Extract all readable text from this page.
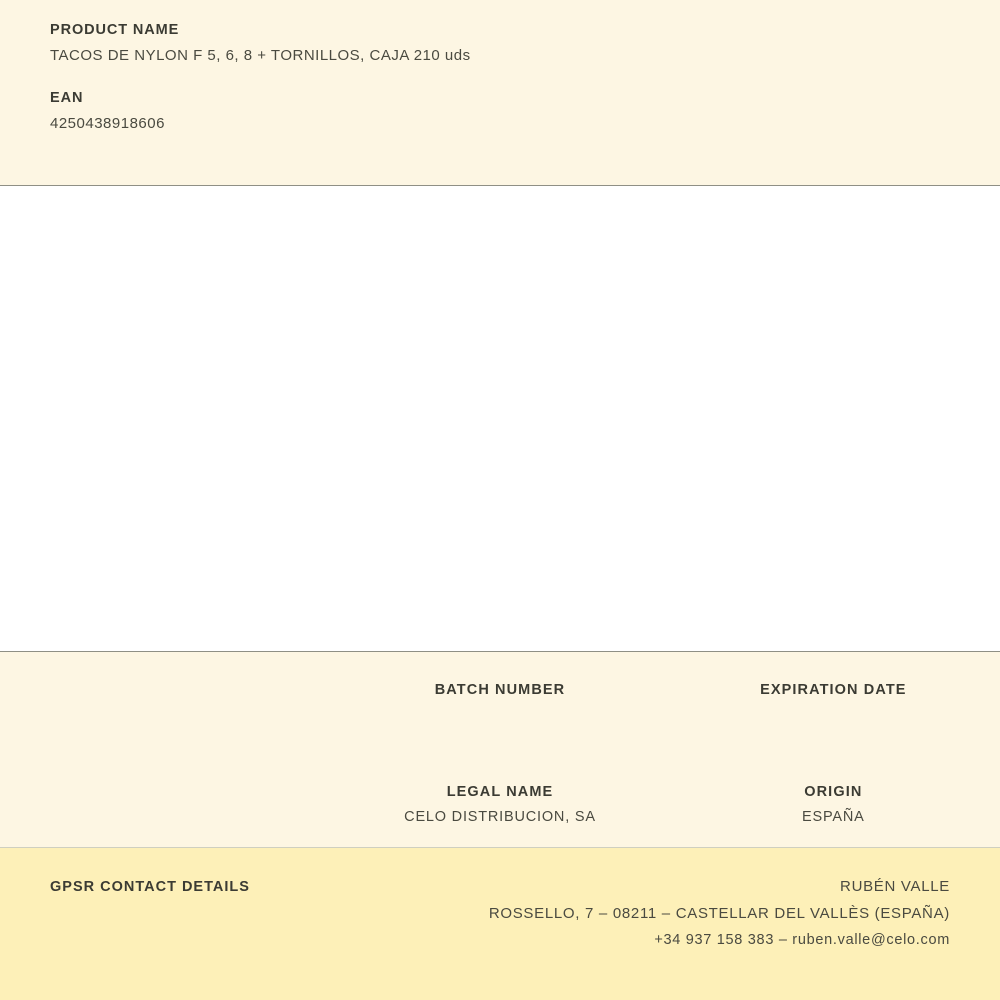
PRODUCT NAME

TACOS DE NYLON F 5, 6, 8 + TORNILLOS, CAJA 210 uds

EAN

4250438918606

BATCH NUMBER	EXPIRATION DATE

LEGAL NAME

CELO DISTRIBUCION, SA

ORIGIN

ESPAÑA

GPSR CONTACT DETAILS	RUBÉN VALLE

ROSSELLO, 7 – 08211 – CASTELLAR DEL VALLÈS (ESPAÑA)

+34 937 158 383 – ruben.valle@celo.com
